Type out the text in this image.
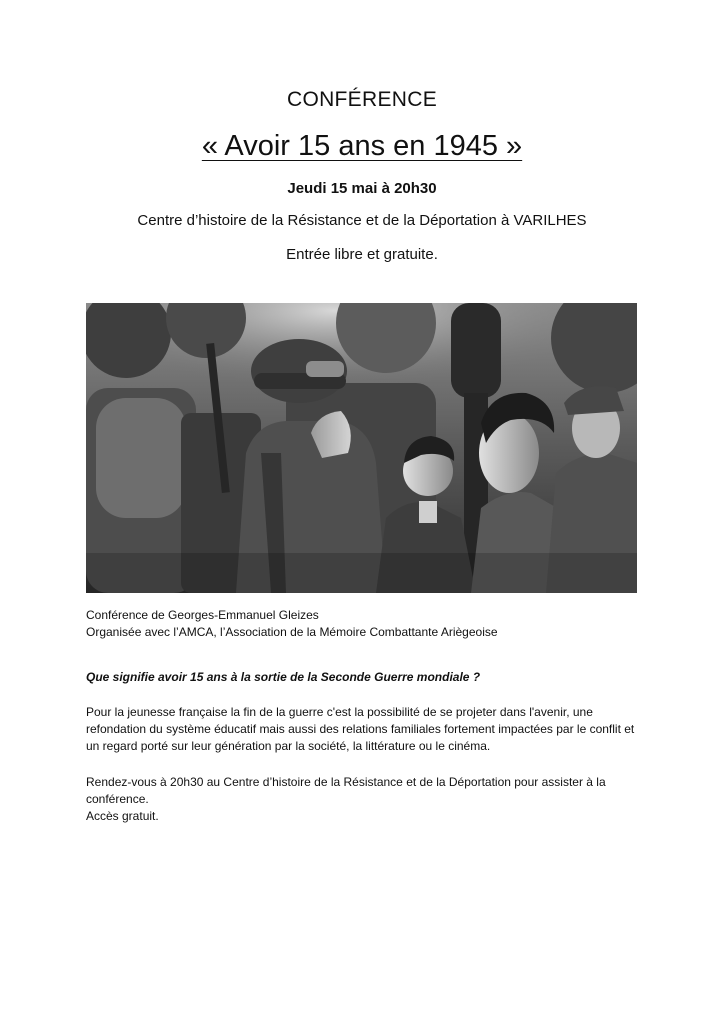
CONFÉRENCE
« Avoir 15 ans en 1945 »
Jeudi 15 mai à 20h30
Centre d’histoire de la Résistance et de la Déportation à VARILHES
Entrée libre et gratuite.
Conférence de Georges-Emmanuel Gleizes
Organisée avec l’AMCA, l’Association de la Mémoire Combattante Ariègeoise
Que signifie avoir 15 ans à la sortie de la Seconde Guerre mondiale ?
Pour la jeunesse française la fin de la guerre c'est la possibilité de se projeter dans l'avenir, une refondation du système éducatif mais aussi des relations familiales fortement impactées par le conflit et un regard porté sur leur génération par la société, la littérature ou le cinéma.
Rendez-vous à 20h30 au Centre d’histoire de la Résistance et de la Déportation pour assister à la conférence.
Accès gratuit.
